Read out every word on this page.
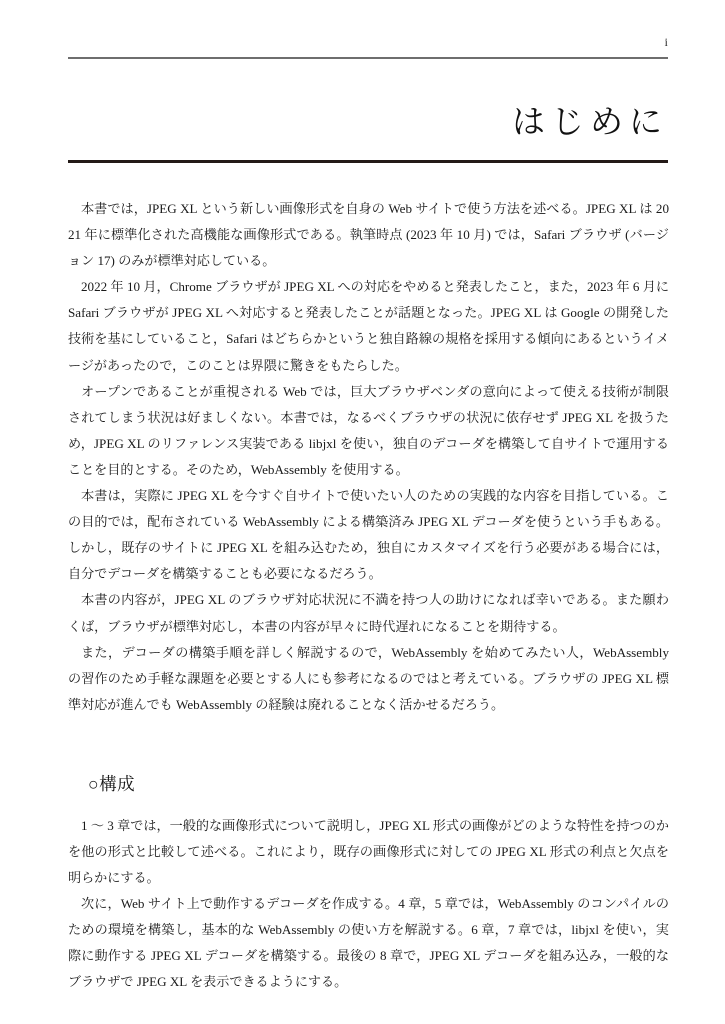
i
はじめに

本書では，JPEG XL という新しい画像形式を自身の Web サイトで使う方法を述べる。JPEG XL は 2021 年に標準化された高機能な画像形式である。執筆時点 (2023 年 10 月) では，Safari ブラウザ (バージョン 17) のみが標準対応している。

2022 年 10 月，Chrome ブラウザが JPEG XL への対応をやめると発表したこと，また，2023 年 6 月に Safari ブラウザが JPEG XL へ対応すると発表したことが話題となった。JPEG XL は Google の開発した技術を基にしていること，Safari はどちらかというと独自路線の規格を採用する傾向にあるというイメージがあったので，このことは界隈に驚きをもたらした。

オープンであることが重視される Web では，巨大ブラウザベンダの意向によって使える技術が制限されてしまう状況は好ましくない。本書では，なるべくブラウザの状況に依存せず JPEG XL を扱うため，JPEG XL のリファレンス実装である libjxl を使い，独自のデコーダを構築して自サイトで運用することを目的とする。そのため，WebAssembly を使用する。

本書は，実際に JPEG XL を今すぐ自サイトで使いたい人のための実践的な内容を目指している。この目的では，配布されている WebAssembly による構築済み JPEG XL デコーダを使うという手もある。しかし，既存のサイトに JPEG XL を組み込むため，独自にカスタマイズを行う必要がある場合には，自分でデコーダを構築することも必要になるだろう。

本書の内容が，JPEG XL のブラウザ対応状況に不満を持つ人の助けになれば幸いである。また願わくば，ブラウザが標準対応し，本書の内容が早々に時代遅れになることを期待する。

また，デコーダの構築手順を詳しく解説するので，WebAssembly を始めてみたい人，WebAssembly の習作のため手軽な課題を必要とする人にも参考になるのではと考えている。ブラウザの JPEG XL 標準対応が進んでも WebAssembly の経験は廃れることなく活かせるだろう。

○構成

1 〜 3 章では，一般的な画像形式について説明し，JPEG XL 形式の画像がどのような特性を持つのかを他の形式と比較して述べる。これにより，既存の画像形式に対しての JPEG XL 形式の利点と欠点を明らかにする。

次に，Web サイト上で動作するデコーダを作成する。4 章，5 章では，WebAssembly のコンパイルのための環境を構築し，基本的な WebAssembly の使い方を解説する。6 章，7 章では，libjxl を使い，実際に動作する JPEG XL デコーダを構築する。最後の 8 章で，JPEG XL デコーダを組み込み，一般的なブラウザで JPEG XL を表示できるようにする。
